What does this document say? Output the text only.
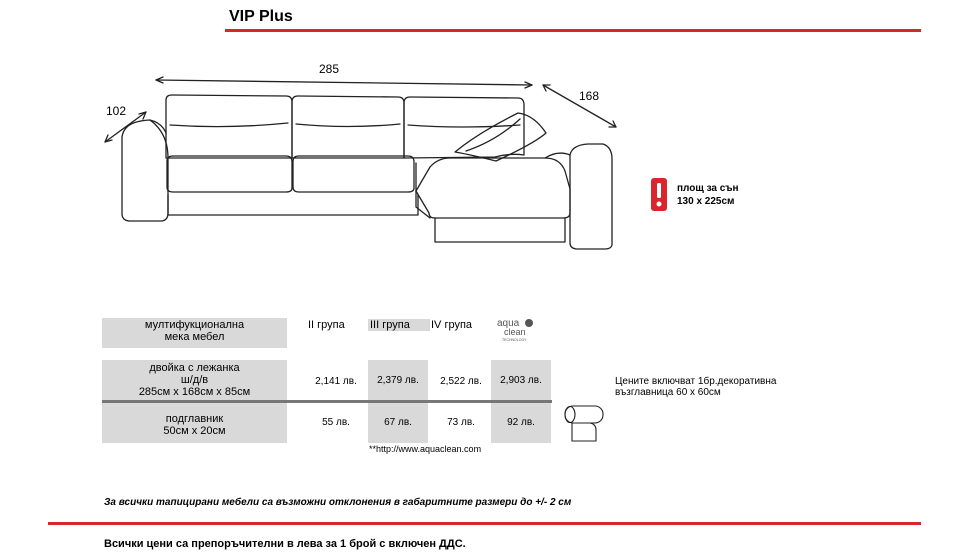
VIP Plus
285
102
168
площ за сън
130 х 225см
мултифукционална
мека мебел
II група III група	IV група aqua
clean
TECHNOLOGY
двойка с лежанка
ш/д/в
285см х 168см х 85см
2,141 лв.	2,379 лв.	2,522 лв.	2,903 лв.
подглавник
50см х 20см
55 лв.	67 лв.	73 лв.	92 лв.
Цените включват 1бр.декоративна
възглавница 60 х 60см
**http://www.aquaclean.com
За всички тапицирани мебели са възможни отклонения в габаритните размери до +/- 2 см
Всички цени са препоръчителни в лева за 1 брой с включен ДДС.
